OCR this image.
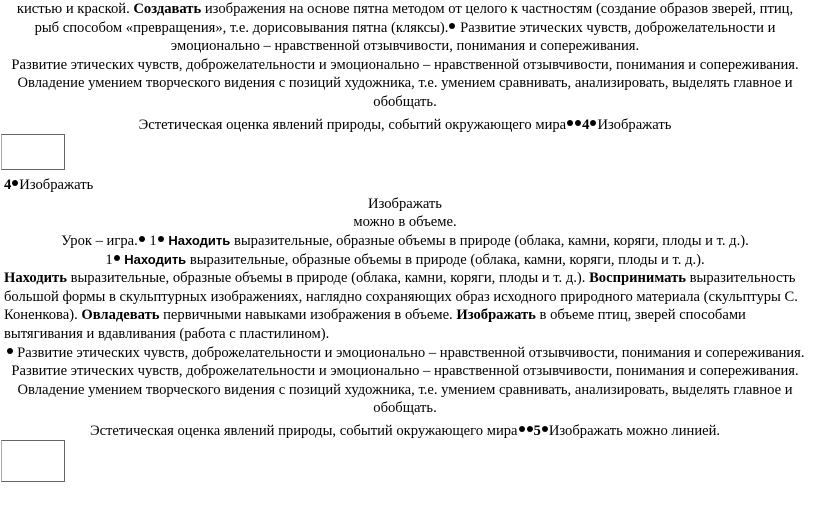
кистью и краской. Создавать изображения на основе пятна методом от целого к частностям (создание образов зверей, птиц, рыб способом «превращения», т.е. дорисовывания пятна (кляксы). Развитие этических чувств, доброжелательности и эмоционально – нравственной отзывчивости, понимания и сопереживания.

Развитие этических чувств, доброжелательности и эмоционально – нравственной отзывчивости, понимания и сопереживания.

Овладение умением творческого видения с позиций художника, т.е. умением сравнивать, анализировать, выделять главное и обобщать.

Эстетическая оценка явлений природы, событий окружающего мира 4 Изображать

4 Изображать

Изображать

можно в объеме.

Урок – игра. 1 Находить выразительные, образные объемы в природе (облака, камни, коряги, плоды и т. д.).

1 Находить выразительные, образные объемы в природе (облака, камни, коряги, плоды и т. д.).

Находить выразительные, образные объемы в природе (облака, камни, коряги, плоды и т. д.). Воспринимать выразительность большой формы в скульптурных изображениях, наглядно сохраняющих образ исходного природного материала (скульптуры С. Коненкова). Овладевать первичными навыками изображения в объеме. Изображать в объеме птиц, зверей способами вытягивания и вдавливания (работа с пластилином).

Развитие этических чувств, доброжелательности и эмоционально – нравственной отзывчивости, понимания и сопереживания.

Развитие этических чувств, доброжелательности и эмоционально – нравственной отзывчивости, понимания и сопереживания.

Овладение умением творческого видения с позиций художника, т.е. умением сравнивать, анализировать, выделять главное и обобщать.

Эстетическая оценка явлений природы, событий окружающего мира 5 Изображать можно линией.
